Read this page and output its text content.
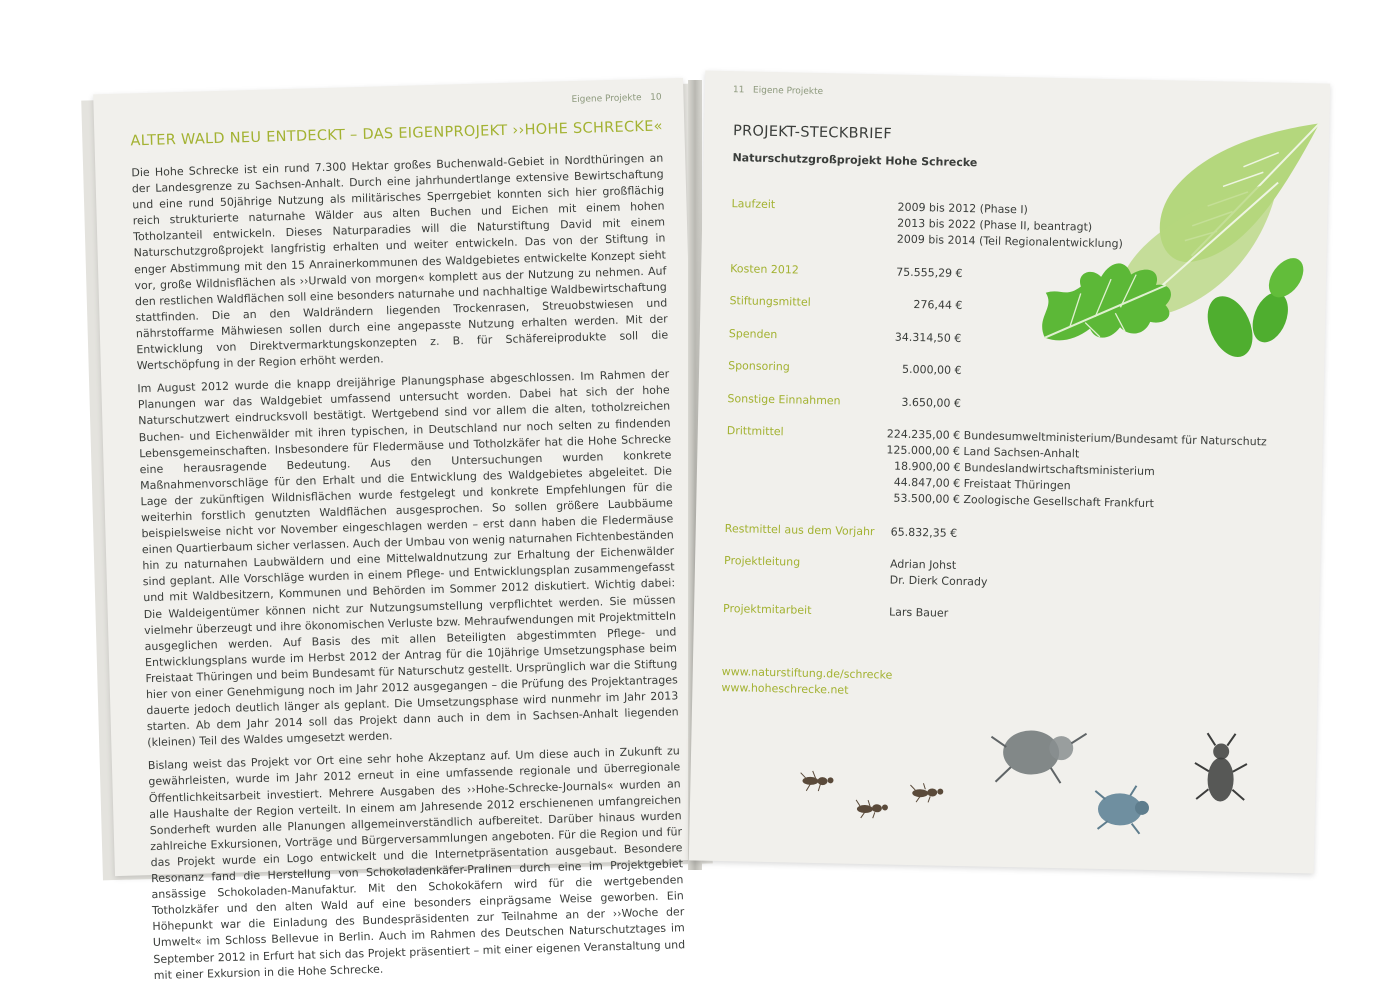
Eigene Projekte 10
ALTER WALD NEU ENTDECKT – DAS EIGENPROJEKT ››HOHE SCHRECKE«

Die Hohe Schrecke ist ein rund 7.300 Hektar großes Buchenwald-Gebiet in Nordthüringen an der Landesgrenze zu Sachsen-Anhalt. Durch eine jahrhundertlange extensive Bewirtschaftung und eine rund 50jährige Nutzung als militärisches Sperrgebiet konnten sich hier großflächig reich strukturierte naturnahe Wälder aus alten Buchen und Eichen mit einem hohen Totholzanteil entwickeln. Dieses Naturparadies will die Naturstiftung David mit einem Naturschutzgroßprojekt langfristig erhalten und weiter entwickeln. Das von der Stiftung in enger Abstimmung mit den 15 Anrainerkommunen des Waldgebietes entwickelte Konzept sieht vor, große Wildnisflächen als ››Urwald von morgen« komplett aus der Nutzung zu nehmen. Auf den restlichen Waldflächen soll eine besonders naturnahe und nachhaltige Waldbewirtschaftung stattfinden. Die an den Waldrändern liegenden Trockenrasen, Streuobstwiesen und nährstoffarme Mähwiesen sollen durch eine angepasste Nutzung erhalten werden. Mit der Entwicklung von Direktvermarktungskonzepten z. B. für Schäfereiprodukte soll die Wertschöpfung in der Region erhöht werden.

Im August 2012 wurde die knapp dreijährige Planungsphase abgeschlossen. Im Rahmen der Planungen war das Waldgebiet umfassend untersucht worden. Dabei hat sich der hohe Naturschutzwert eindrucksvoll bestätigt. Wertgebend sind vor allem die alten, totholzreichen Buchen- und Eichenwälder mit ihren typischen, in Deutschland nur noch selten zu findenden Lebensgemeinschaften. Insbesondere für Fledermäuse und Totholzkäfer hat die Hohe Schrecke eine herausragende Bedeutung. Aus den Untersuchungen wurden konkrete Maßnahmenvorschläge für den Erhalt und die Entwicklung des Waldgebietes abgeleitet. Die Lage der zukünftigen Wildnisflächen wurde festgelegt und konkrete Empfehlungen für die weiterhin forstlich genutzten Waldflächen ausgesprochen. So sollen größere Laubbäume beispielsweise nicht vor November eingeschlagen werden – erst dann haben die Fledermäuse einen Quartierbaum sicher verlassen. Auch der Umbau von wenig naturnahen Fichtenbeständen hin zu naturnahen Laubwäldern und eine Mittelwaldnutzung zur Erhaltung der Eichenwälder sind geplant. Alle Vorschläge wurden in einem Pflege- und Entwicklungsplan zusammengefasst und mit Waldbesitzern, Kommunen und Behörden im Sommer 2012 diskutiert. Wichtig dabei: Die Waldeigentümer können nicht zur Nutzungsumstellung verpflichtet werden. Sie müssen vielmehr überzeugt und ihre ökonomischen Verluste bzw. Mehraufwendungen mit Projektmitteln ausgeglichen werden. Auf Basis des mit allen Beteiligten abgestimmten Pflege- und Entwicklungsplans wurde im Herbst 2012 der Antrag für die 10jährige Umsetzungsphase beim Freistaat Thüringen und beim Bundesamt für Naturschutz gestellt. Ursprünglich war die Stiftung hier von einer Genehmigung noch im Jahr 2012 ausgegangen – die Prüfung des Projektantrages dauerte jedoch deutlich länger als geplant. Die Umsetzungsphase wird nunmehr im Jahr 2013 starten. Ab dem Jahr 2014 soll das Projekt dann auch in dem in Sachsen-Anhalt liegenden (kleinen) Teil des Waldes umgesetzt werden.

Bislang weist das Projekt vor Ort eine sehr hohe Akzeptanz auf. Um diese auch in Zukunft zu gewährleisten, wurde im Jahr 2012 erneut in eine umfassende regionale und überregionale Öffentlichkeitsarbeit investiert. Mehrere Ausgaben des ››Hohe-Schrecke-Journals« wurden an alle Haushalte der Region verteilt. In einem am Jahresende 2012 erschienenen umfangreichen Sonderheft wurden alle Planungen allgemeinverständlich aufbereitet. Darüber hinaus wurden zahlreiche Exkursionen, Vorträge und Bürgerversammlungen angeboten. Für die Region und für das Projekt wurde ein Logo entwickelt und die Internetpräsentation ausgebaut. Besondere Resonanz fand die Herstellung von Schokoladenkäfer-Pralinen durch eine im Projektgebiet ansässige Schokoladen-Manufaktur. Mit den Schokokäfern wird für die wertgebenden Totholzkäfer und den alten Wald auf eine besonders einprägsame Weise geworben. Ein Höhepunkt war die Einladung des Bundespräsidenten zur Teilnahme an der ››Woche der Umwelt« im Schloss Bellevue in Berlin. Auch im Rahmen des Deutschen Naturschutztages im September 2012 in Erfurt hat sich das Projekt präsentiert – mit einer eigenen Veranstaltung und mit einer Exkursion in die Hohe Schrecke.

11 Eigene Projekte
PROJEKT-STECKBRIEF
Naturschutzgroßprojekt Hohe Schrecke
Laufzeit	2009 bis 2012 (Phase I)
2013 bis 2022 (Phase II, beantragt)
2009 bis 2014 (Teil Regionalentwicklung)
Kosten 2012	75.555,29 €
Stiftungsmittel	276,44 €
Spenden	34.314,50 €
Sponsoring	5.000,00 €
Sonstige Einnahmen	3.650,00 €
Drittmittel	224.235,00 € Bundesumweltministerium/Bundesamt für Naturschutz
125.000,00 € Land Sachsen-Anhalt
18.900,00 € Bundeslandwirtschaftsministerium
44.847,00 € Freistaat Thüringen
53.500,00 € Zoologische Gesellschaft Frankfurt
Restmittel aus dem Vorjahr 65.832,35 €
Projektleitung	Adrian Johst
Dr. Dierk Conrady
Projektmitarbeit	Lars Bauer
www.naturstiftung.de/schrecke
www.hoheschrecke.net
